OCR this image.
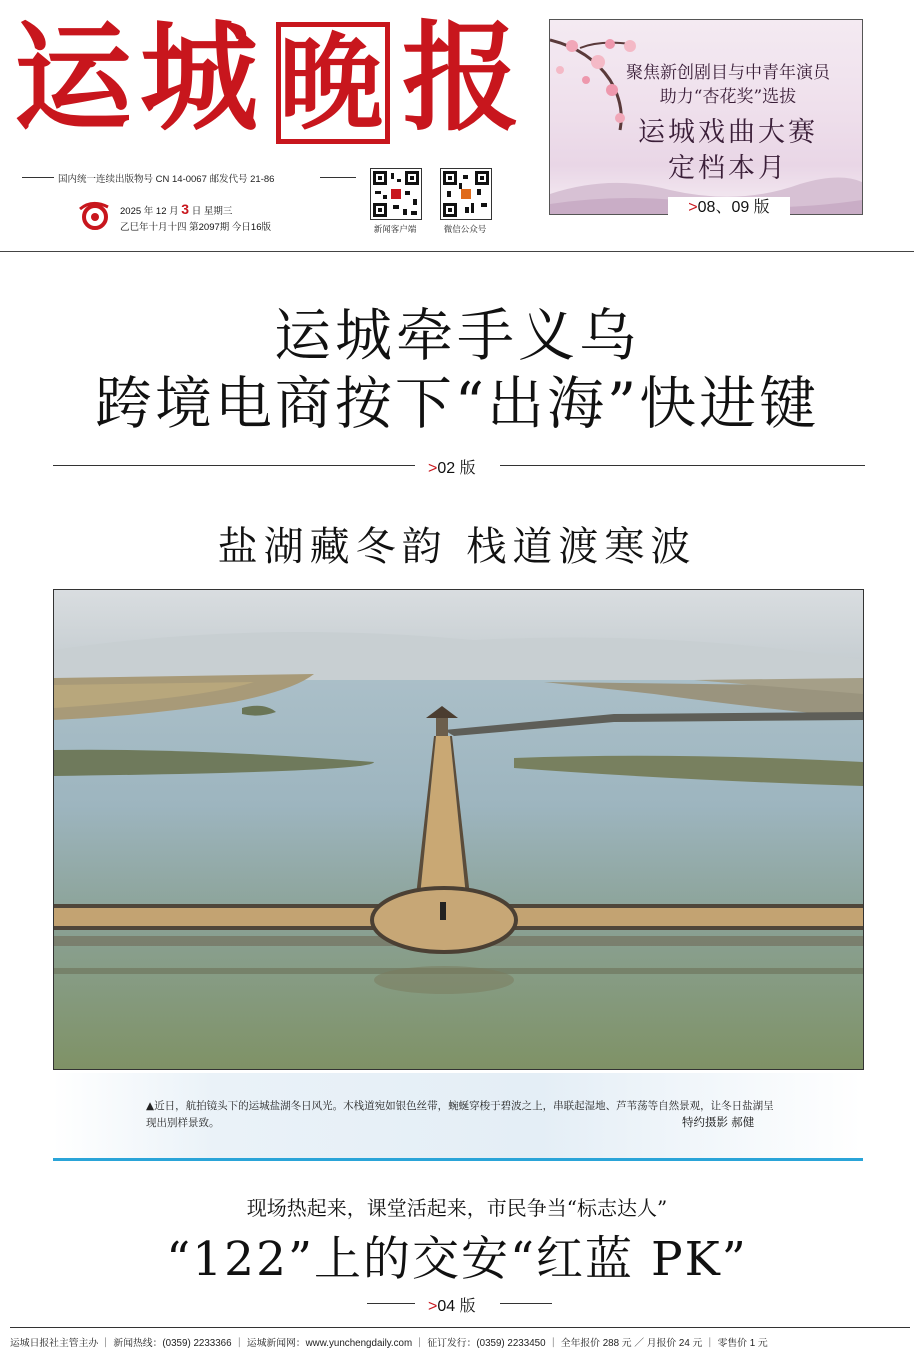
运 城 晚 报
国内统一连续出版物号 CN 14-0067 邮发代号 21-86
2025 年 12 月 3 日 星期三
乙巳年十月十四 第2097期 今日16版	新闻客户端	微信公众号
聚焦新创剧目与中青年演员
助力“杏花奖”选拔
运城戏曲大赛
定档本月
>08、09 版
运城牵手义乌
跨境电商按下“出海”快进键
>02 版
盐湖藏冬韵 栈道渡寒波
▲近日，航拍镜头下的运城盐湖冬日风光。木栈道宛如银色丝带，蜿蜒穿梭于碧波之上，串联起湿地、芦苇荡等自然景观，让冬日盐湖呈现出别样景致。	特约摄影 郝健
现场热起来，课堂活起来，市民争当“标志达人”
“122”上的交安“红蓝 PK”
>04 版
运城日报社主管主办 ｜ 新闻热线：(0359) 2233366 ｜ 运城新闻网：www.yunchengdaily.com ｜ 征订发行：(0359) 2233450 ｜ 全年报价 288 元 ／ 月报价 24 元 ｜ 零售价 1 元
